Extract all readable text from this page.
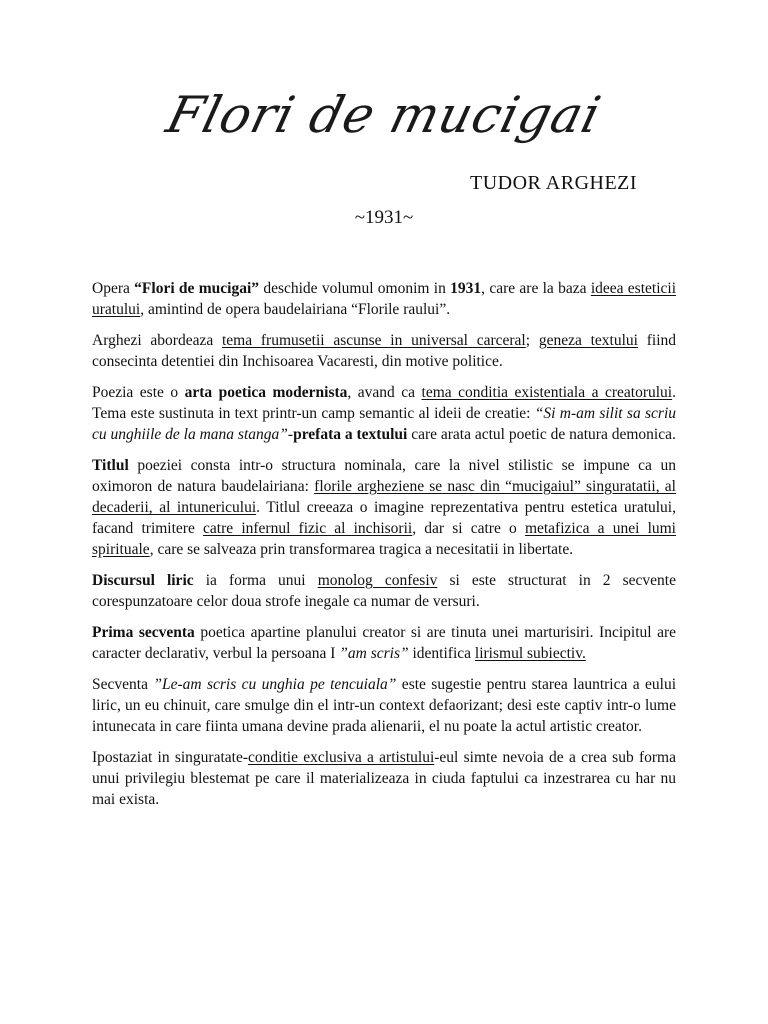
Flori de mucigai

TUDOR ARGHEZI

~1931~

Opera “Flori de mucigai” deschide volumul omonim in 1931, care are la baza ideea esteticii uratului, amintind de opera baudelairiana “Florile raului”.

Arghezi abordeaza tema frumusetii ascunse in universal carceral; geneza textului fiind consecinta detentiei din Inchisoarea Vacaresti, din motive politice.

Poezia este o arta poetica modernista, avand ca tema conditia existentiala a creatorului. Tema este sustinuta in text printr-un camp semantic al ideii de creatie: “Si m-am silit sa scriu cu unghiile de la mana stanga”-prefata a textului care arata actul poetic de natura demonica.

Titlul poeziei consta intr-o structura nominala, care la nivel stilistic se impune ca un oximoron de natura baudelairiana: florile argheziene se nasc din “mucigaiul” singuratatii, al decaderii, al intunericului. Titlul creeaza o imagine reprezentativa pentru estetica uratului, facand trimitere catre infernul fizic al inchisorii, dar si catre o metafizica a unei lumi spirituale, care se salveaza prin transformarea tragica a necesitatii in libertate.

Discursul liric ia forma unui monolog confesiv si este structurat in 2 secvente corespunzatoare celor doua strofe inegale ca numar de versuri.

Prima secventa poetica apartine planului creator si are tinuta unei marturisiri. Incipitul are caracter declarativ, verbul la persoana I ”am scris” identifica lirismul subiectiv.

Secventa ”Le-am scris cu unghia pe tencuiala” este sugestie pentru starea launtrica a eului liric, un eu chinuit, care smulge din el intr-un context defaorizant; desi este captiv intr-o lume intunecata in care fiinta umana devine prada alienarii, el nu poate la actul artistic creator.

Ipostaziat in singuratate-conditie exclusiva a artistului-eul simte nevoia de a crea sub forma unui privilegiu blestemat pe care il materializeaza in ciuda faptului ca inzestrarea cu har nu mai exista.
